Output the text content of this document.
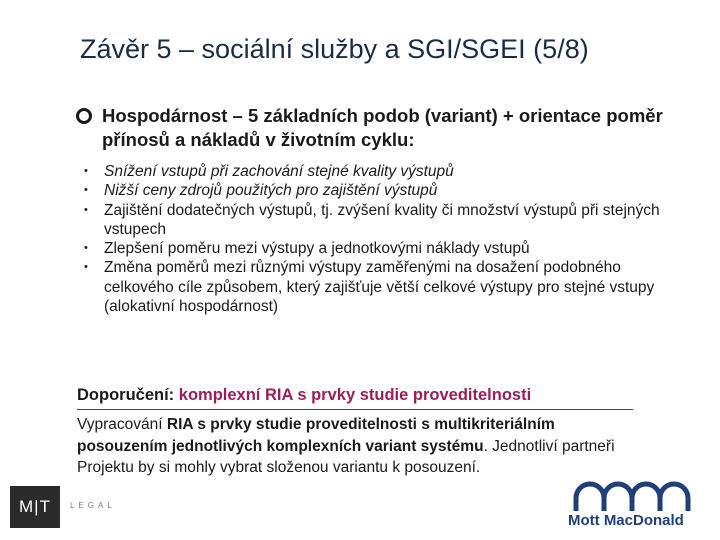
Závěr 5 – sociální služby a SGI/SGEI (5/8)
Hospodárnost – 5 základních podob (variant) + orientace poměr přínosů a nákladů v životním cyklu:
• Snížení vstupů při zachování stejné kvality výstupů
• Nižší ceny zdrojů použitých pro zajištění výstupů
• Zajištění dodatečných výstupů, tj. zvýšení kvality či množství výstupů při stejných vstupech
• Zlepšení poměru mezi výstupy a jednotkovými náklady vstupů
• Změna poměrů mezi různými výstupy zaměřenými na dosažení podobného celkového cíle způsobem, který zajišťuje větší celkové výstupy pro stejné vstupy (alokativní hospodárnost)
Doporučení: komplexní RIA s prvky studie proveditelnosti
Vypracování RIA s prvky studie proveditelnosti s multikriteriálním posouzením jednotlivých komplexních variant systému. Jednotliví partneři Projektu by si mohly vybrat složenou variantu k posouzení.
M|T	LEGAL
Mott MacDonald
